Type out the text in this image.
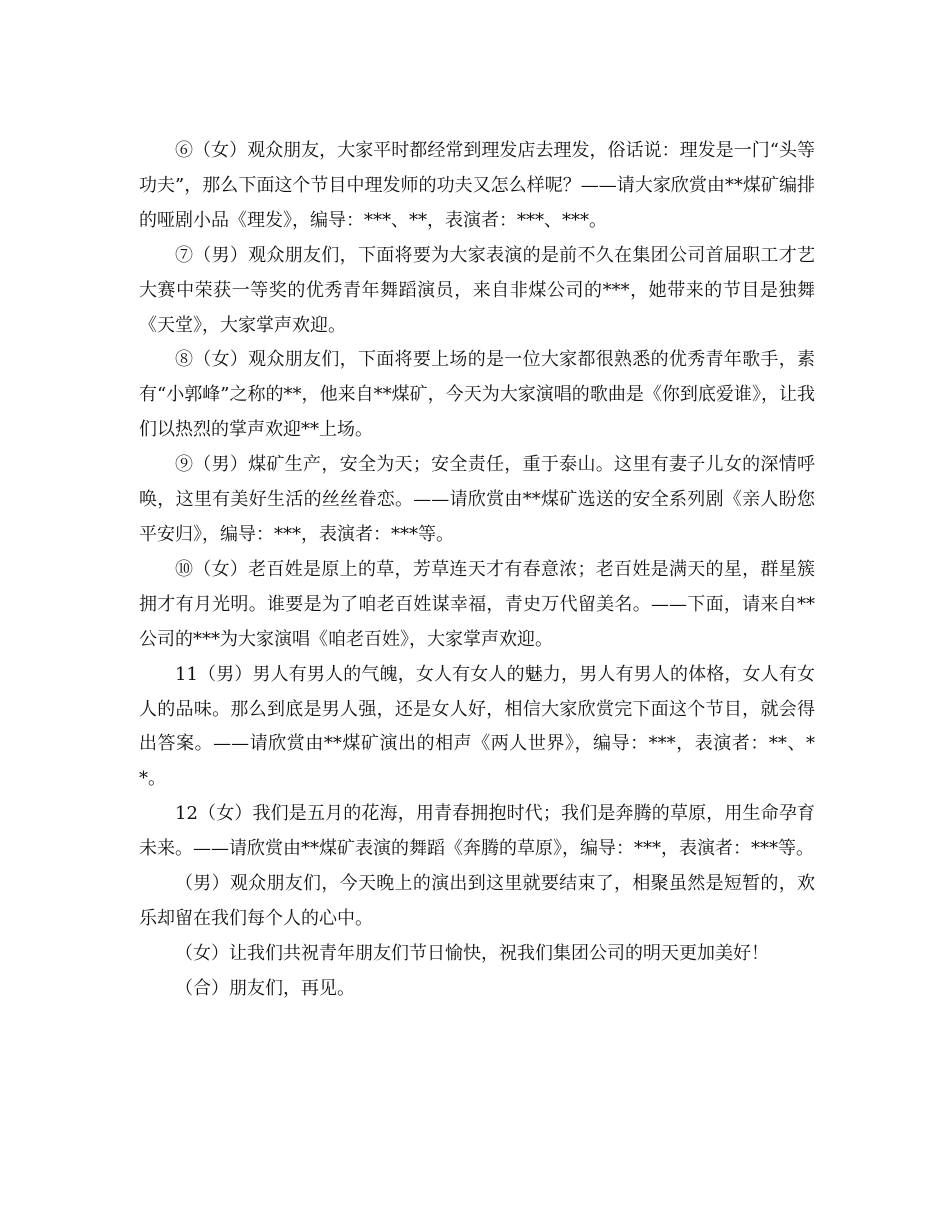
⑥（女）观众朋友，大家平时都经常到理发店去理发，俗话说：理发是一门“头等功夫”，那么下面这个节目中理发师的功夫又怎么样呢？——请大家欣赏由**煤矿编排的哑剧小品《理发》，编导：***、**，表演者：***、***。

⑦（男）观众朋友们，下面将要为大家表演的是前不久在集团公司首届职工才艺大赛中荣获一等奖的优秀青年舞蹈演员，来自非煤公司的***，她带来的节目是独舞《天堂》，大家掌声欢迎。

⑧（女）观众朋友们，下面将要上场的是一位大家都很熟悉的优秀青年歌手，素有“小郭峰”之称的**，他来自**煤矿，今天为大家演唱的歌曲是《你到底爱谁》，让我们以热烈的掌声欢迎**上场。

⑨（男）煤矿生产，安全为天；安全责任，重于泰山。这里有妻子儿女的深情呼唤，这里有美好生活的丝丝眷恋。——请欣赏由**煤矿选送的安全系列剧《亲人盼您平安归》，编导：***，表演者：***等。

⑩（女）老百姓是原上的草，芳草连天才有春意浓；老百姓是满天的星，群星簇拥才有月光明。谁要是为了咱老百姓谋幸福，青史万代留美名。——下面，请来自**公司的***为大家演唱《咱老百姓》，大家掌声欢迎。

11（男）男人有男人的气魄，女人有女人的魅力，男人有男人的体格，女人有女人的品味。那么到底是男人强，还是女人好，相信大家欣赏完下面这个节目，就会得出答案。——请欣赏由**煤矿演出的相声《两人世界》，编导：***，表演者：**、**。

12（女）我们是五月的花海，用青春拥抱时代；我们是奔腾的草原，用生命孕育未来。——请欣赏由**煤矿表演的舞蹈《奔腾的草原》，编导：***，表演者：***等。

（男）观众朋友们，今天晚上的演出到这里就要结束了，相聚虽然是短暂的，欢乐却留在我们每个人的心中。

（女）让我们共祝青年朋友们节日愉快，祝我们集团公司的明天更加美好！

（合）朋友们，再见。
